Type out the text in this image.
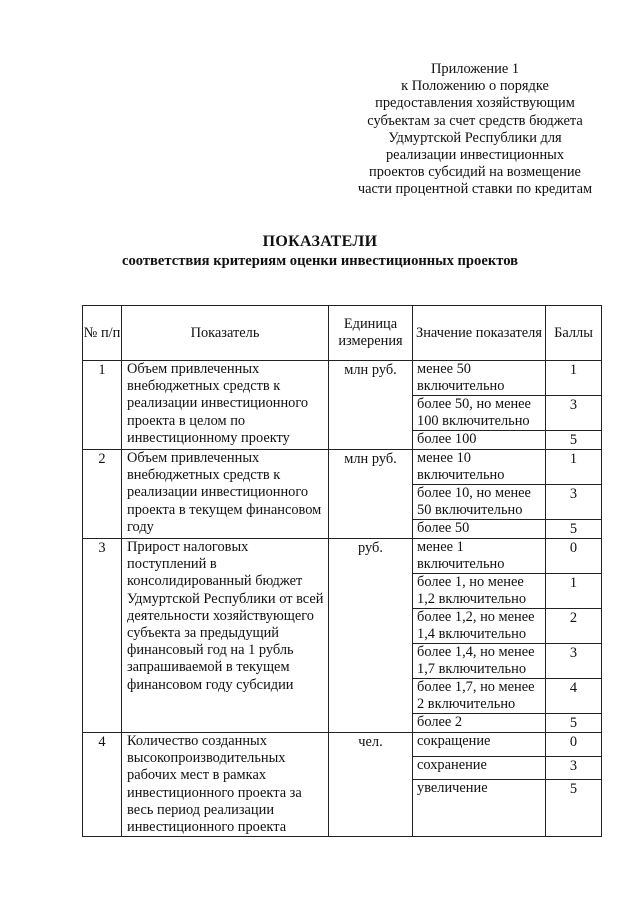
Приложение 1
к Положению о порядке
предоставления хозяйствующим
субъектам за счет средств бюджета
Удмуртской Республики для
реализации инвестиционных
проектов субсидий на возмещение
части процентной ставки по кредитам
ПОКАЗАТЕЛИ
соответствия критериям оценки инвестиционных проектов
№ п/п	Показатель	Единица измерения	Значение показателя	Баллы
1	Объем привлеченных внебюджетных средств к реализации инвестиционного проекта в целом по инвестиционному проекту	млн руб.	менее 50 включительно	1
			более 50, но менее 100 включительно	3
			более 100	5
2	Объем привлеченных внебюджетных средств к реализации инвестиционного проекта в текущем финансовом году	млн руб.	менее 10 включительно	1
			более 10, но менее 50 включительно	3
			более 50	5
3	Прирост налоговых поступлений в консолидированный бюджет Удмуртской Республики от всей деятельности хозяйствующего субъекта за предыдущий финансовый год на 1 рубль запрашиваемой в текущем финансовом году субсидии	руб.	менее 1 включительно	0
			более 1, но менее 1,2 включительно	1
			более 1,2, но менее 1,4 включительно	2
			более 1,4, но менее 1,7 включительно	3
			более 1,7, но менее 2 включительно	4
			более 2	5
4	Количество созданных высокопроизводительных рабочих мест в рамках инвестиционного проекта за весь период реализации инвестиционного проекта	чел.	сокращение	0
			сохранение	3
			увеличение	5
